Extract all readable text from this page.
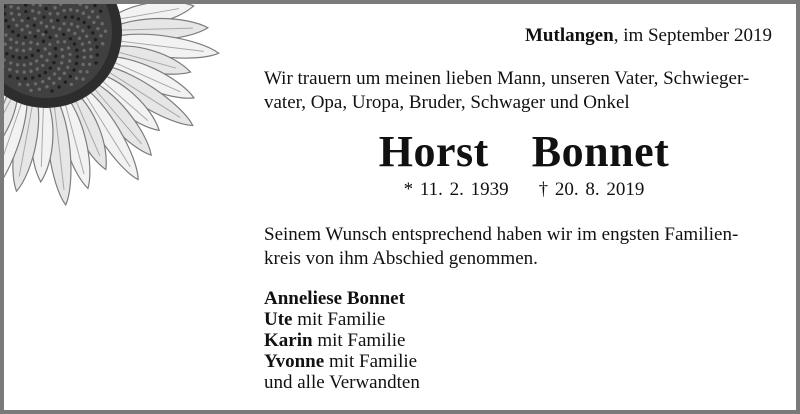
Mutlangen, im September 2019
Wir trauern um meinen lieben Mann, unseren Vater, Schwieger-
vater, Opa, Uropa, Bruder, Schwager und Onkel
Horst  Bonnet
* 11. 2. 1939 † 20. 8. 2019
Seinem Wunsch entsprechend haben wir im engsten Familien-
kreis von ihm Abschied genommen.
Anneliese Bonnet
Ute mit Familie
Karin mit Familie
Yvonne mit Familie
und alle Verwandten
